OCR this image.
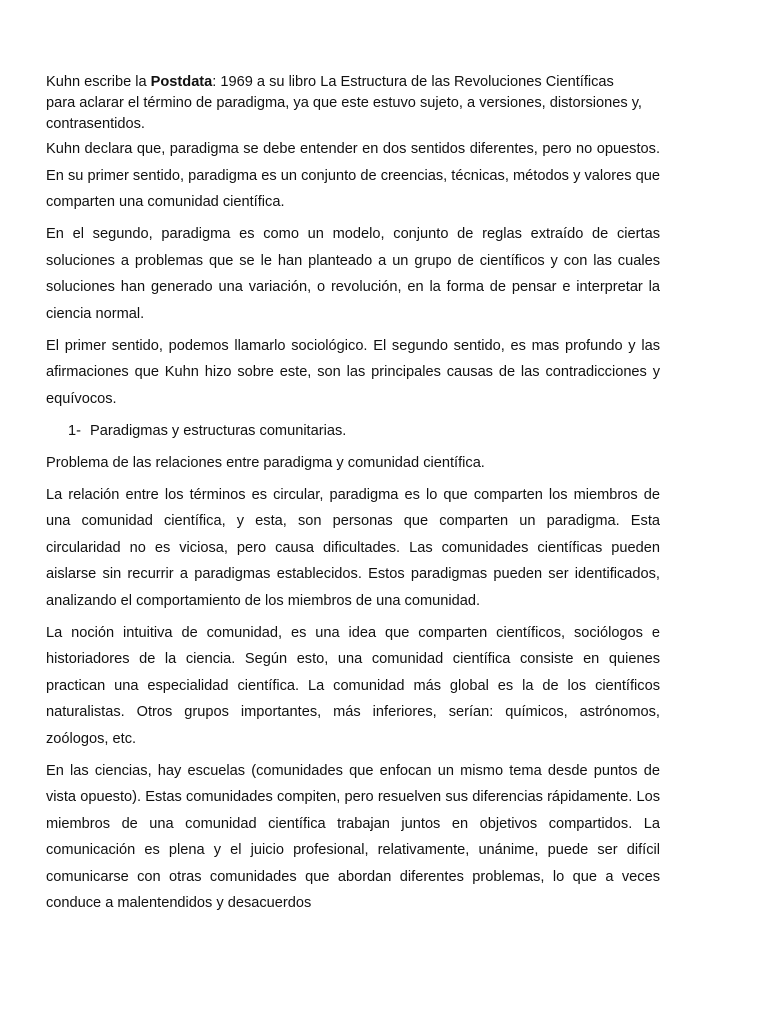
Kuhn escribe la Postdata: 1969 a su libro La Estructura de las Revoluciones Científicas
para aclarar el término de paradigma, ya que este estuvo sujeto, a versiones, distorsiones y,
contrasentidos.

Kuhn declara que, paradigma se debe entender en dos sentidos diferentes, pero no opuestos. En su primer sentido, paradigma es un conjunto de creencias, técnicas, métodos y valores que comparten una comunidad científica.

En el segundo, paradigma es como un modelo, conjunto de reglas extraído de ciertas soluciones a problemas que se le han planteado a un grupo de científicos y con las cuales soluciones han generado una variación, o revolución, en la forma de pensar e interpretar la ciencia normal.

El primer sentido, podemos llamarlo sociológico. El segundo sentido, es mas profundo y las afirmaciones que Kuhn hizo sobre este, son las principales causas de las contradicciones y equívocos.

1- Paradigmas y estructuras comunitarias.

Problema de las relaciones entre paradigma y comunidad científica.

La relación entre los términos es circular, paradigma es lo que comparten los miembros de una comunidad científica, y esta, son personas que comparten un paradigma. Esta circularidad no es viciosa, pero causa dificultades. Las comunidades científicas pueden aislarse sin recurrir a paradigmas establecidos. Estos paradigmas pueden ser identificados, analizando el comportamiento de los miembros de una comunidad.

La noción intuitiva de comunidad, es una idea que comparten científicos, sociólogos e historiadores de la ciencia. Según esto, una comunidad científica consiste en quienes practican una especialidad científica. La comunidad más global es la de los científicos naturalistas. Otros grupos importantes, más inferiores, serían: químicos, astrónomos, zoólogos, etc.

En las ciencias, hay escuelas (comunidades que enfocan un mismo tema desde puntos de vista opuesto). Estas comunidades compiten, pero resuelven sus diferencias rápidamente. Los miembros de una comunidad científica trabajan juntos en objetivos compartidos. La comunicación es plena y el juicio profesional, relativamente, unánime, puede ser difícil comunicarse con otras comunidades que abordan diferentes problemas, lo que a veces conduce a malentendidos y desacuerdos
